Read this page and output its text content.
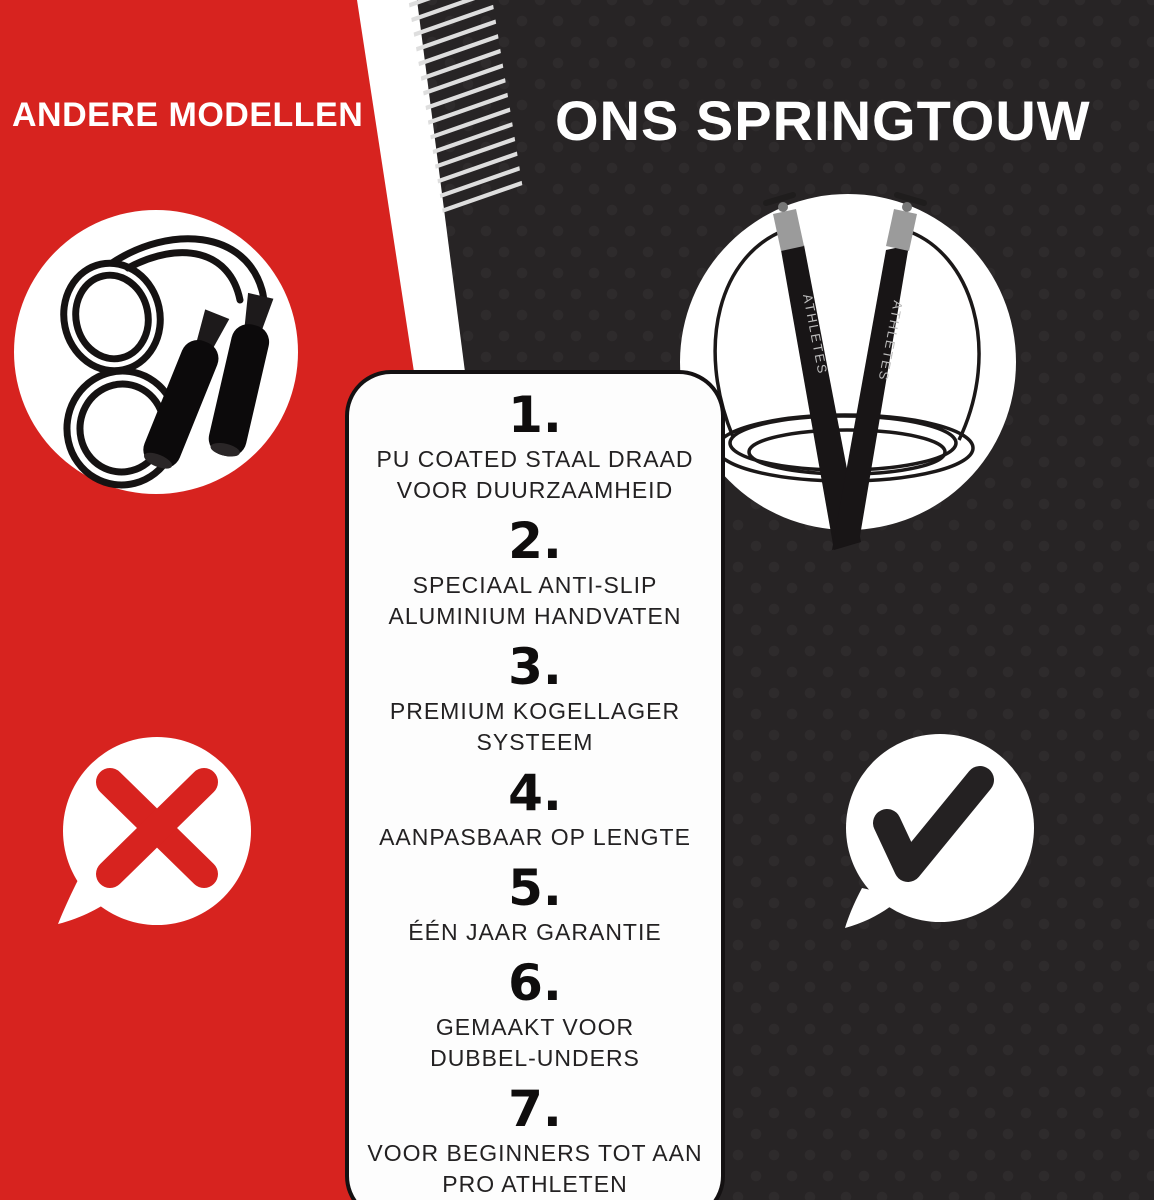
ATHLETES	ATHLETES
ANDERE MODELLEN	ONS SPRINGTOUW
1.
PU COATED STAAL DRAAD
VOOR DUURZAAMHEID
2.
SPECIAAL ANTI-SLIP
ALUMINIUM HANDVATEN
3.
PREMIUM KOGELLAGER
SYSTEEM
4.
AANPASBAAR OP LENGTE
5.
ÉÉN JAAR GARANTIE
6.
GEMAAKT VOOR
DUBBEL-UNDERS
7.
VOOR BEGINNERS TOT AAN
PRO ATHLETEN
